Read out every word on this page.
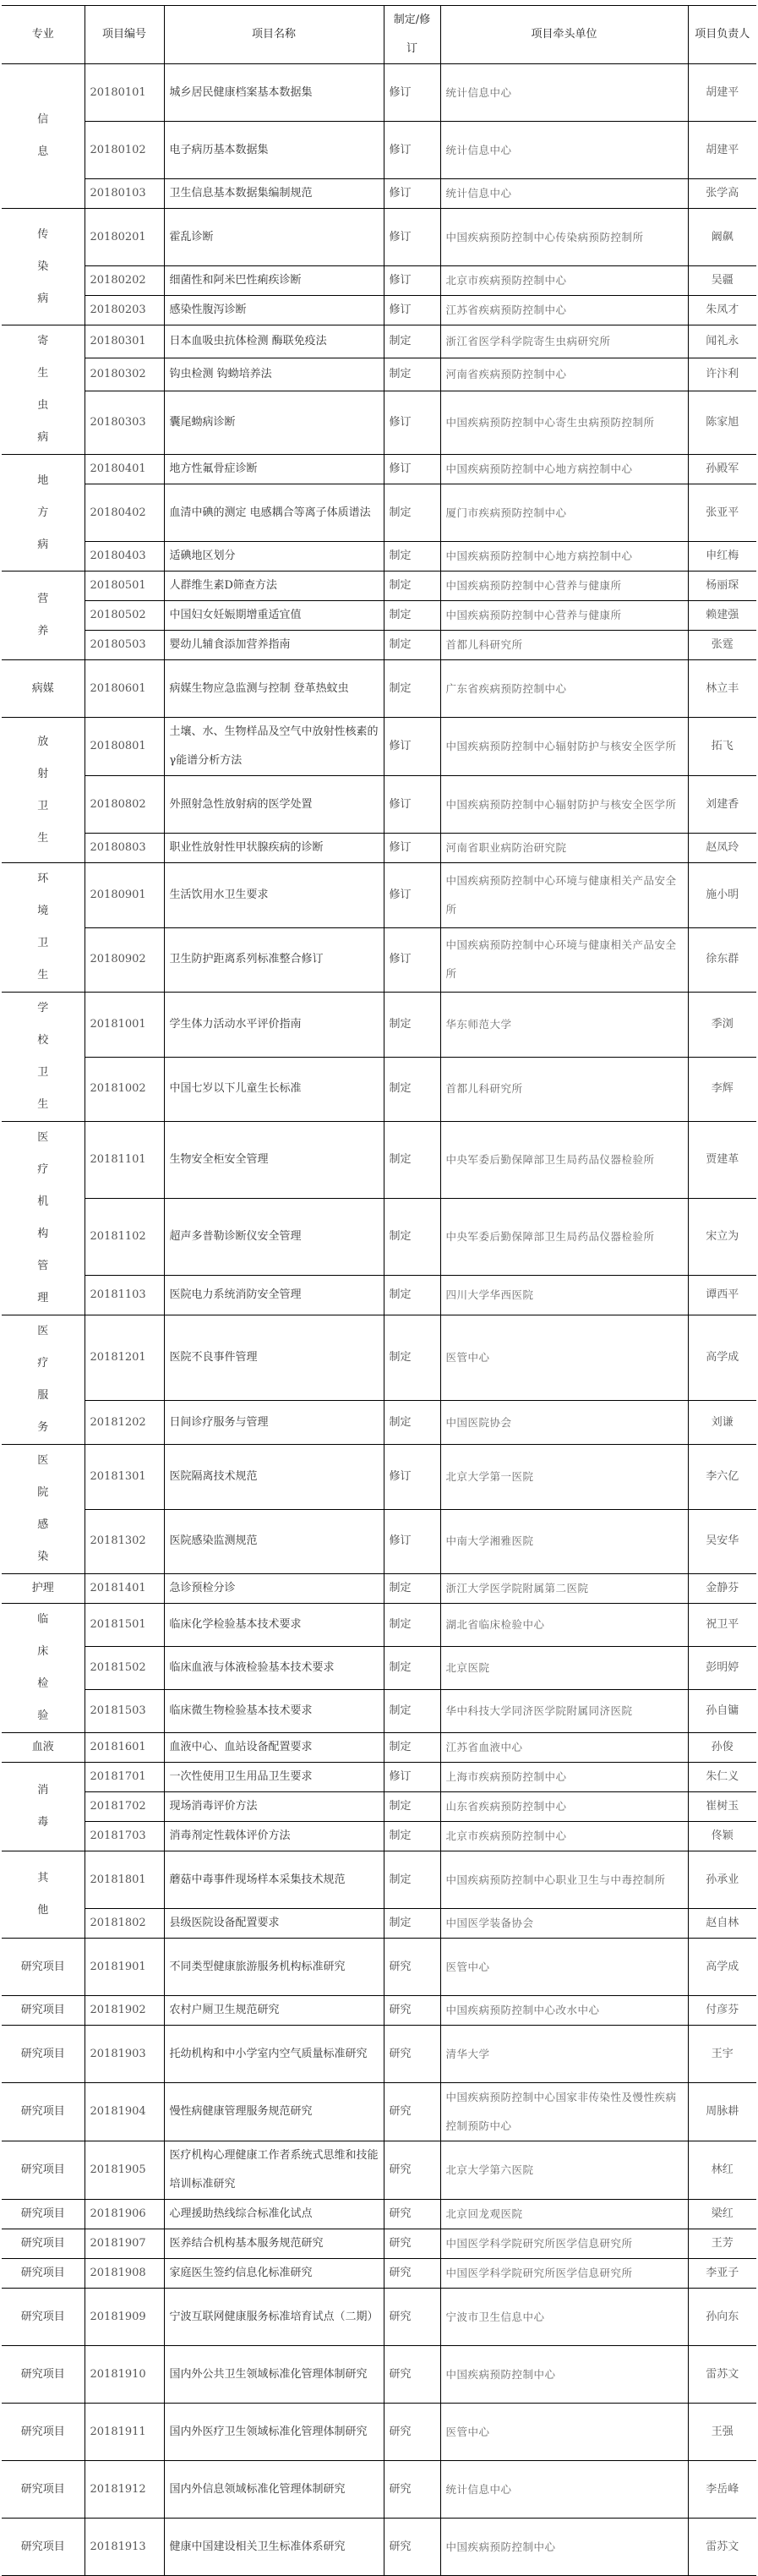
专业	项目编号	项目名称	制定/修订	项目牵头单位	项目负责人
信息	20180101	城乡居民健康档案基本数据集	修订	统计信息中心	胡建平
	20180102	电子病历基本数据集	修订	统计信息中心	胡建平
	20180103	卫生信息基本数据集编制规范	修订	统计信息中心	张学高
传染病	20180201	霍乱诊断	修订	中国疾病预防控制中心传染病预防控制所	阚飙
	20180202	细菌性和阿米巴性痢疾诊断	修订	北京市疾病预防控制中心	吴疆
	20180203	感染性腹泻诊断	修订	江苏省疾病预防控制中心	朱凤才
寄生虫病	20180301	日本血吸虫抗体检测 酶联免疫法	制定	浙江省医学科学院寄生虫病研究所	闻礼永
	20180302	钩虫检测 钩蚴培养法	制定	河南省疾病预防控制中心	许汴利
	20180303	囊尾蚴病诊断	修订	中国疾病预防控制中心寄生虫病预防控制所	陈家旭
地方病	20180401	地方性氟骨症诊断	修订	中国疾病预防控制中心地方病控制中心	孙殿军
	20180402	血清中碘的测定 电感耦合等离子体质谱法	制定	厦门市疾病预防控制中心	张亚平
	20180403	适碘地区划分	制定	中国疾病预防控制中心地方病控制中心	申红梅
营养	20180501	人群维生素D筛查方法	制定	中国疾病预防控制中心营养与健康所	杨丽琛
	20180502	中国妇女妊娠期增重适宜值	制定	中国疾病预防控制中心营养与健康所	赖建强
	20180503	婴幼儿辅食添加营养指南	制定	首都儿科研究所	张霆
病媒	20180601	病媒生物应急监测与控制 登革热蚊虫	制定	广东省疾病预防控制中心	林立丰
放射卫生	20180801	土壤、水、生物样品及空气中放射性核素的γ能谱分析方法	修订	中国疾病预防控制中心辐射防护与核安全医学所	拓飞
	20180802	外照射急性放射病的医学处置	修订	中国疾病预防控制中心辐射防护与核安全医学所	刘建香
	20180803	职业性放射性甲状腺疾病的诊断	修订	河南省职业病防治研究院	赵凤玲
环境卫生	20180901	生活饮用水卫生要求	修订	中国疾病预防控制中心环境与健康相关产品安全所	施小明
	20180902	卫生防护距离系列标准整合修订	修订	中国疾病预防控制中心环境与健康相关产品安全所	徐东群
学校卫生	20181001	学生体力活动水平评价指南	制定	华东师范大学	季浏
	20181002	中国七岁以下儿童生长标准	制定	首都儿科研究所	李辉
医疗机构管理	20181101	生物安全柜安全管理	制定	中央军委后勤保障部卫生局药品仪器检验所	贾建革
	20181102	超声多普勒诊断仪安全管理	制定	中央军委后勤保障部卫生局药品仪器检验所	宋立为
	20181103	医院电力系统消防安全管理	制定	四川大学华西医院	谭西平
医疗服务	20181201	医院不良事件管理	制定	医管中心	高学成
	20181202	日间诊疗服务与管理	制定	中国医院协会	刘谦
医院感染	20181301	医院隔离技术规范	修订	北京大学第一医院	李六亿
	20181302	医院感染监测规范	修订	中南大学湘雅医院	吴安华
护理	20181401	急诊预检分诊	制定	浙江大学医学院附属第二医院	金静芬
临床检验	20181501	临床化学检验基本技术要求	制定	湖北省临床检验中心	祝卫平
	20181502	临床血液与体液检验基本技术要求	制定	北京医院	彭明婷
	20181503	临床微生物检验基本技术要求	制定	华中科技大学同济医学院附属同济医院	孙自镛
血液	20181601	血液中心、血站设备配置要求	制定	江苏省血液中心	孙俊
消毒	20181701	一次性使用卫生用品卫生要求	修订	上海市疾病预防控制中心	朱仁义
	20181702	现场消毒评价方法	制定	山东省疾病预防控制中心	崔树玉
	20181703	消毒剂定性载体评价方法	制定	北京市疾病预防控制中心	佟颖
其他	20181801	蘑菇中毒事件现场样本采集技术规范	制定	中国疾病预防控制中心职业卫生与中毒控制所	孙承业
	20181802	县级医院设备配置要求	制定	中国医学装备协会	赵自林
研究项目	20181901	不同类型健康旅游服务机构标准研究	研究	医管中心	高学成
研究项目	20181902	农村户厕卫生规范研究	研究	中国疾病预防控制中心改水中心	付彦芬
研究项目	20181903	托幼机构和中小学室内空气质量标准研究	研究	清华大学	王宇
研究项目	20181904	慢性病健康管理服务规范研究	研究	中国疾病预防控制中心国家非传染性及慢性疾病控制预防中心	周脉耕
研究项目	20181905	医疗机构心理健康工作者系统式思维和技能培训标准研究	研究	北京大学第六医院	林红
研究项目	20181906	心理援助热线综合标准化试点	研究	北京回龙观医院	梁红
研究项目	20181907	医养结合机构基本服务规范研究	研究	中国医学科学院研究所医学信息研究所	王芳
研究项目	20181908	家庭医生签约信息化标准研究	研究	中国医学科学院研究所医学信息研究所	李亚子
研究项目	20181909	宁波互联网健康服务标准培育试点（二期）	研究	宁波市卫生信息中心	孙向东
研究项目	20181910	国内外公共卫生领域标准化管理体制研究	研究	中国疾病预防控制中心	雷苏文
研究项目	20181911	国内外医疗卫生领域标准化管理体制研究	研究	医管中心	王强
研究项目	20181912	国内外信息领域标准化管理体制研究	研究	统计信息中心	李岳峰
研究项目	20181913	健康中国建设相关卫生标准体系研究	研究	中国疾病预防控制中心	雷苏文
